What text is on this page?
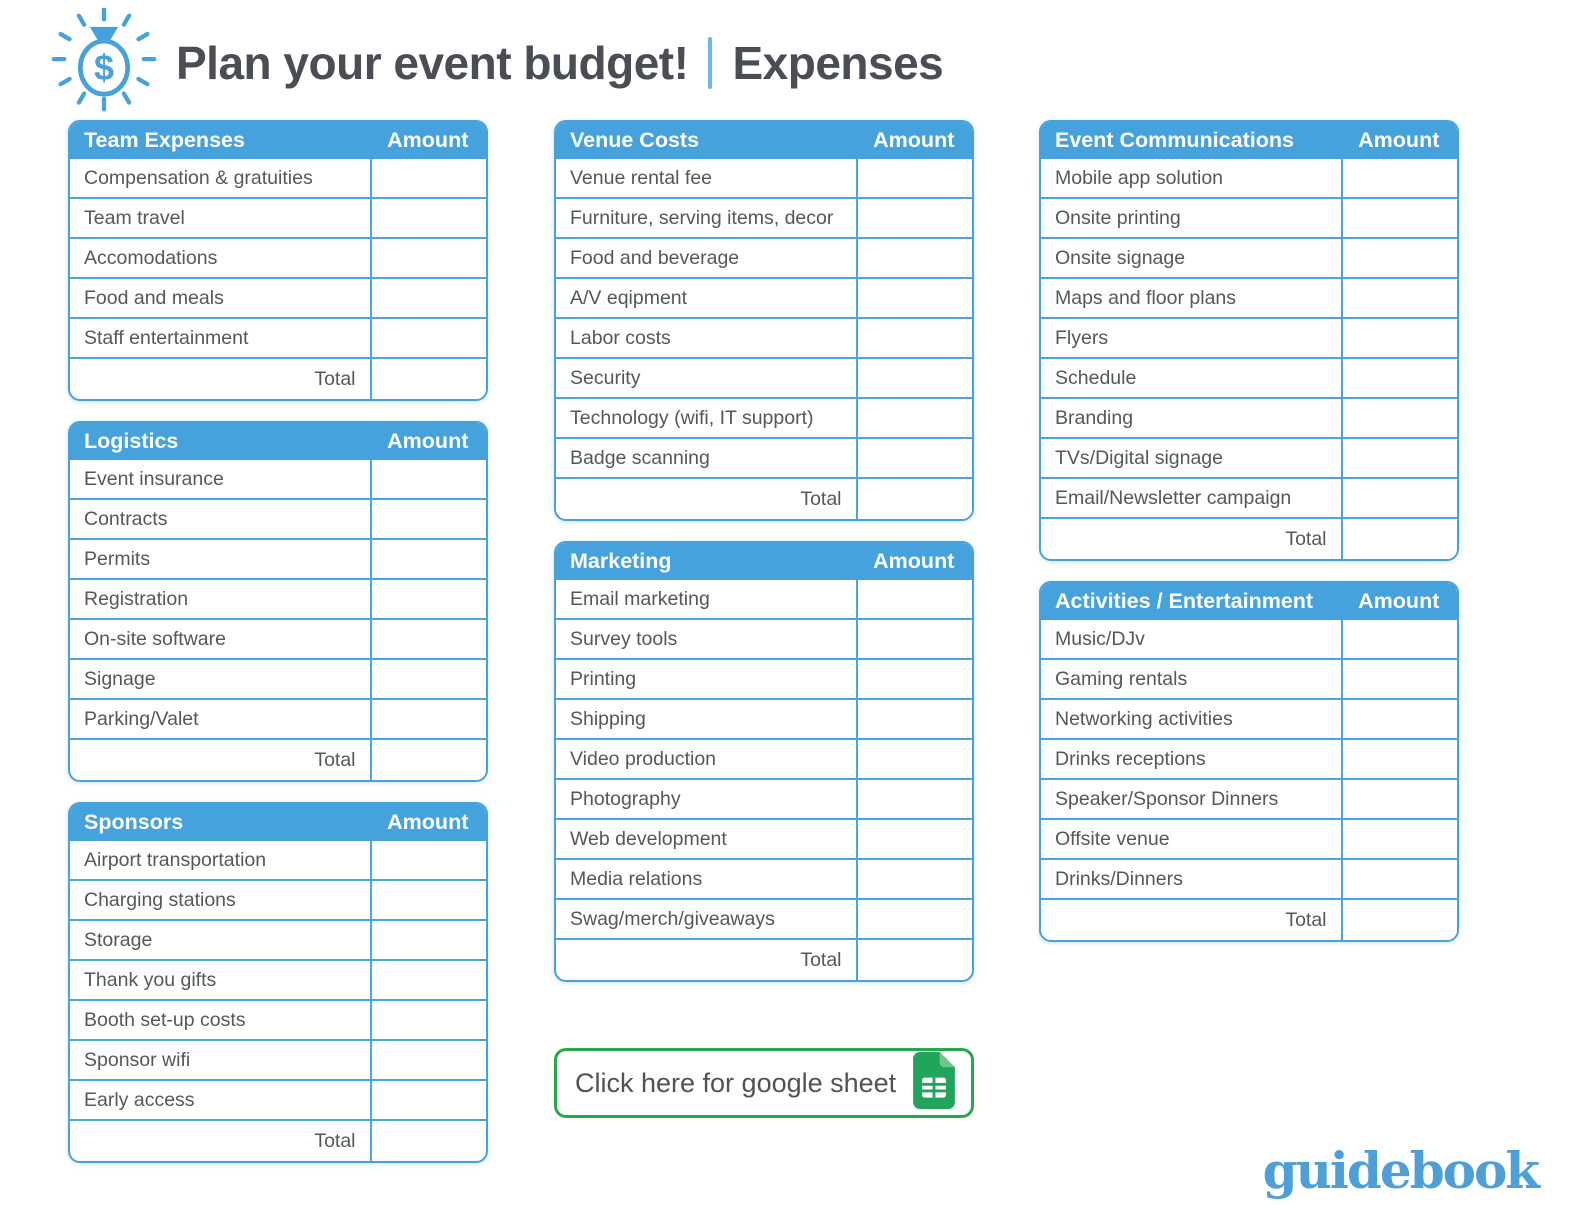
$ Plan your event budget! Expenses
Team Expenses	Amount
Compensation & gratuities
Team travel
Accomodations
Food and meals
Staff entertainment
Total
Logistics	Amount
Event insurance
Contracts
Permits
Registration
On-site software
Signage
Parking/Valet
Total
Sponsors	Amount
Airport transportation
Charging stations
Storage
Thank you gifts
Booth set-up costs
Sponsor wifi
Early access
Total
Venue Costs	Amount
Venue rental fee
Furniture, serving items, decor
Food and beverage
A/V eqipment
Labor costs
Security
Technology (wifi, IT support)
Badge scanning
Total
Marketing	Amount
Email marketing
Survey tools
Printing
Shipping
Video production
Photography
Web development
Media relations
Swag/merch/giveaways
Total
Click here for google sheet
Event Communications	Amount
Mobile app solution
Onsite printing
Onsite signage
Maps and floor plans
Flyers
Schedule
Branding
TVs/Digital signage
Email/Newsletter campaign
Total
Activities / Entertainment	Amount
Music/DJv
Gaming rentals
Networking activities
Drinks receptions
Speaker/Sponsor Dinners
Offsite venue
Drinks/Dinners
Total
guidebook
